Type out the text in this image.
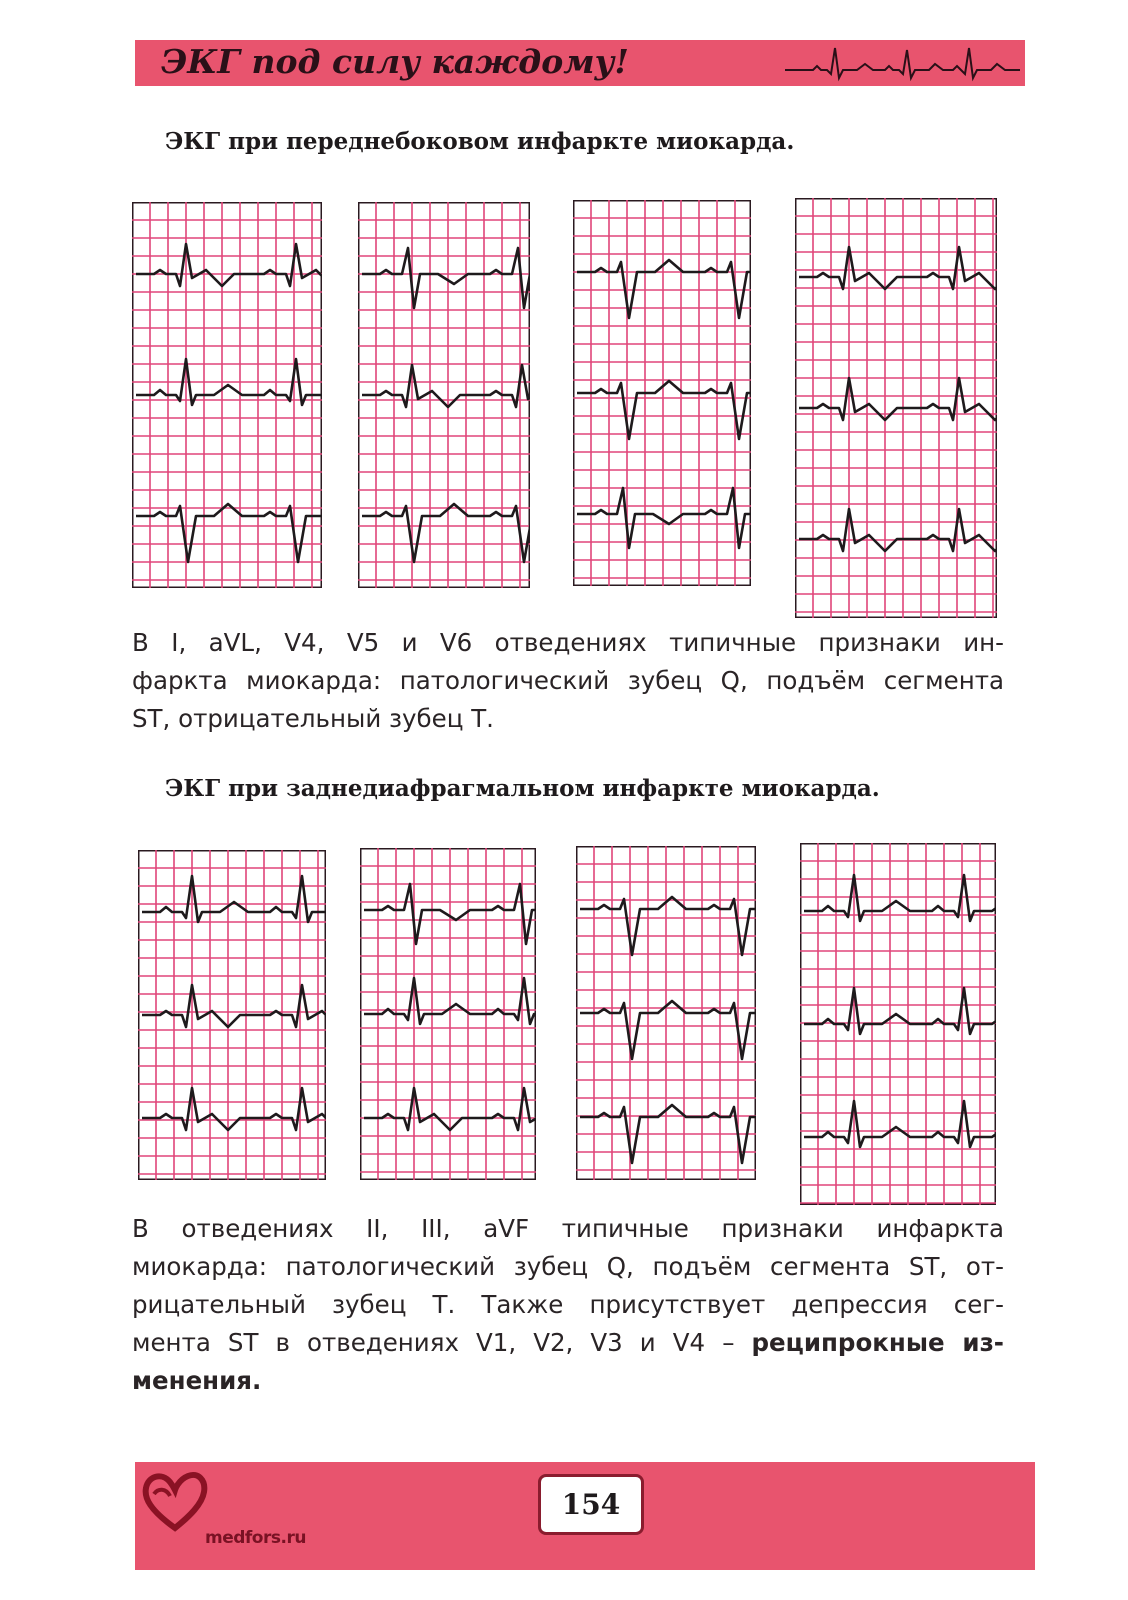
ЭКГ под силу каждому!
ЭКГ при переднебоковом инфаркте миокарда.

В I, aVL, V4, V5 и V6 отведениях типичные признаки ин-
фаркта миокарда: патологический зубец Q, подъём сегмента
ST, отрицательный зубец Т.

ЭКГ при заднедиафрагмальном инфаркте миокарда.

В отведениях II, III, aVF типичные признаки инфаркта
миокарда: патологический зубец Q, подъём сегмента ST, от-
рицательный зубец Т. Также присутствует депрессия сег-
мента ST в отведениях V1, V2, V3 и V4 – реципрокные из-
менения.

medfors.ru
154
